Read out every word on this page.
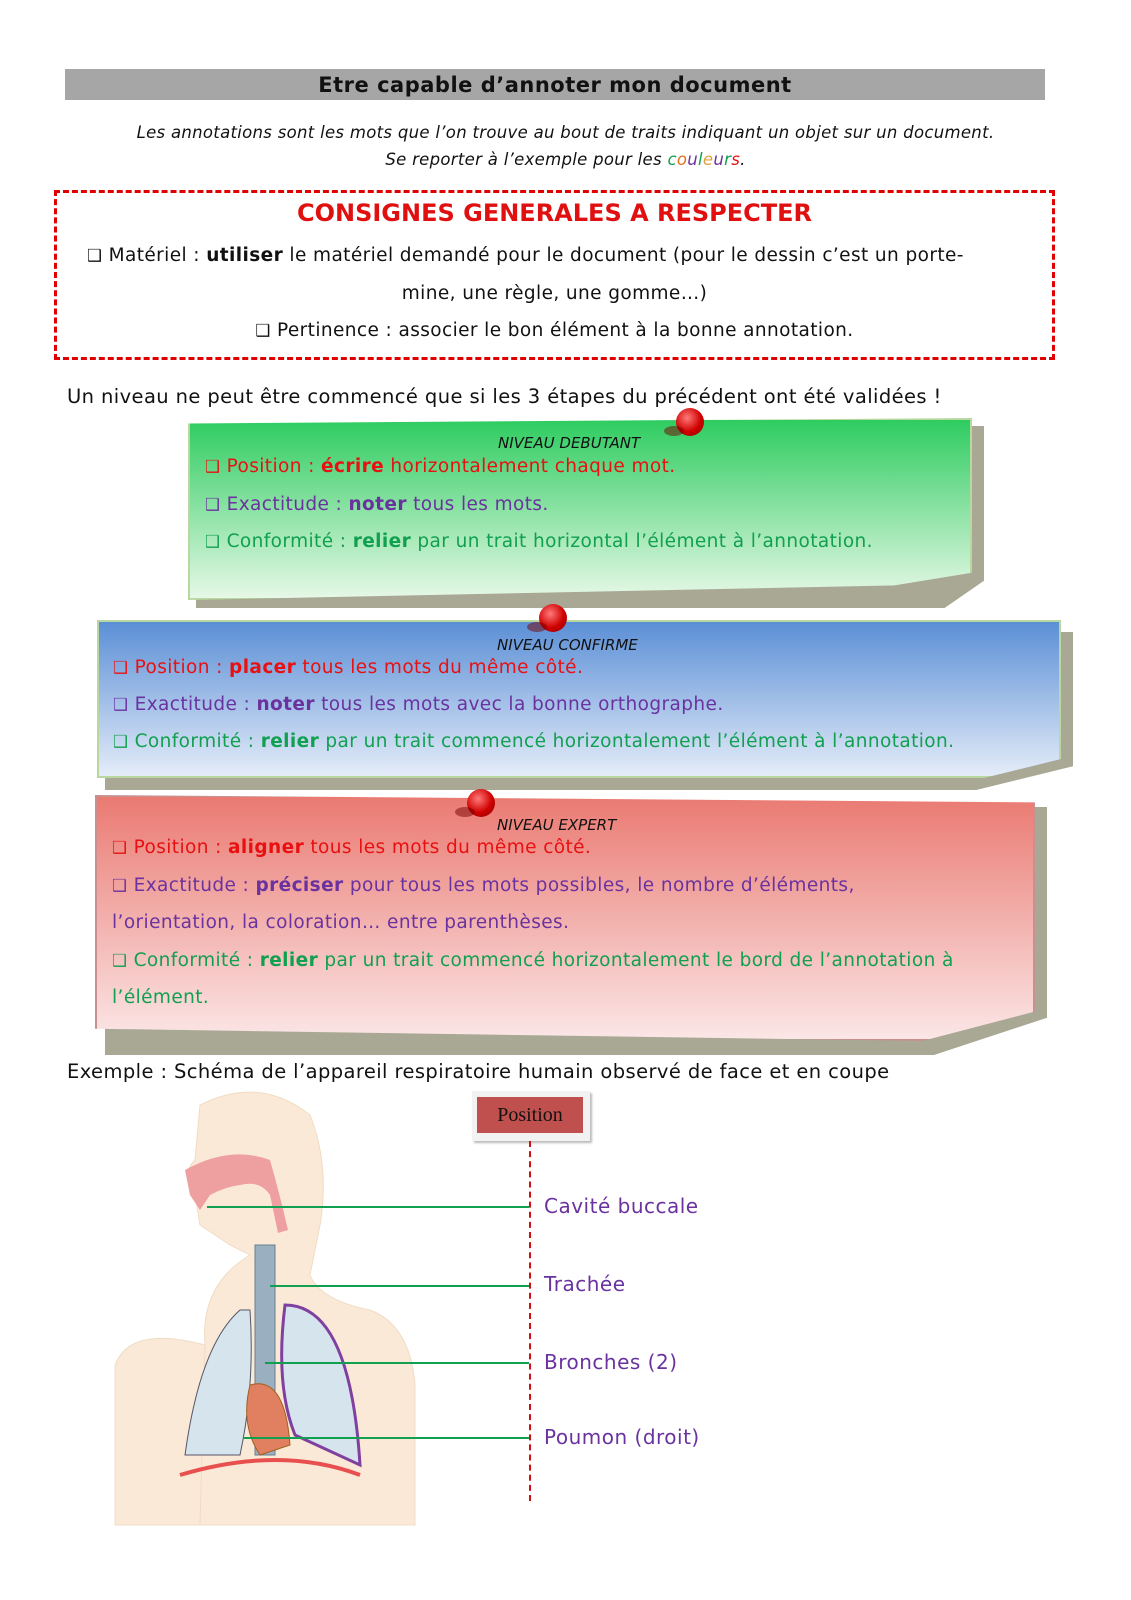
Etre capable d’annoter mon document
Les annotations sont les mots que l’on trouve au bout de traits indiquant un objet sur un document.
Se reporter à l’exemple pour les couleurs.
CONSIGNES GENERALES A RESPECTER
❑ Matériel : utiliser le matériel demandé pour le document (pour le dessin c’est un porte-
mine, une règle, une gomme…)
❑ Pertinence : associer le bon élément à la bonne annotation.
Un niveau ne peut être commencé que si les 3 étapes du précédent ont été validées !
NIVEAU DEBUTANT
❑ Position : écrire horizontalement chaque mot.
❑ Exactitude : noter tous les mots.
❑ Conformité : relier par un trait horizontal l’élément à l’annotation.
NIVEAU CONFIRME
❑ Position : placer tous les mots du même côté.
❑ Exactitude : noter tous les mots avec la bonne orthographe.
❑ Conformité : relier par un trait commencé horizontalement l’élément à l’annotation.
NIVEAU EXPERT
❑ Position : aligner tous les mots du même côté.
❑ Exactitude : préciser pour tous les mots possibles, le nombre d’éléments,
l’orientation, la coloration… entre parenthèses.
❑ Conformité : relier par un trait commencé horizontalement le bord de l’annotation à
l’élément.
Exemple : Schéma de l’appareil respiratoire humain observé de face et en coupe
Position
Cavité buccale
Trachée
Bronches (2)
Poumon (droit)
